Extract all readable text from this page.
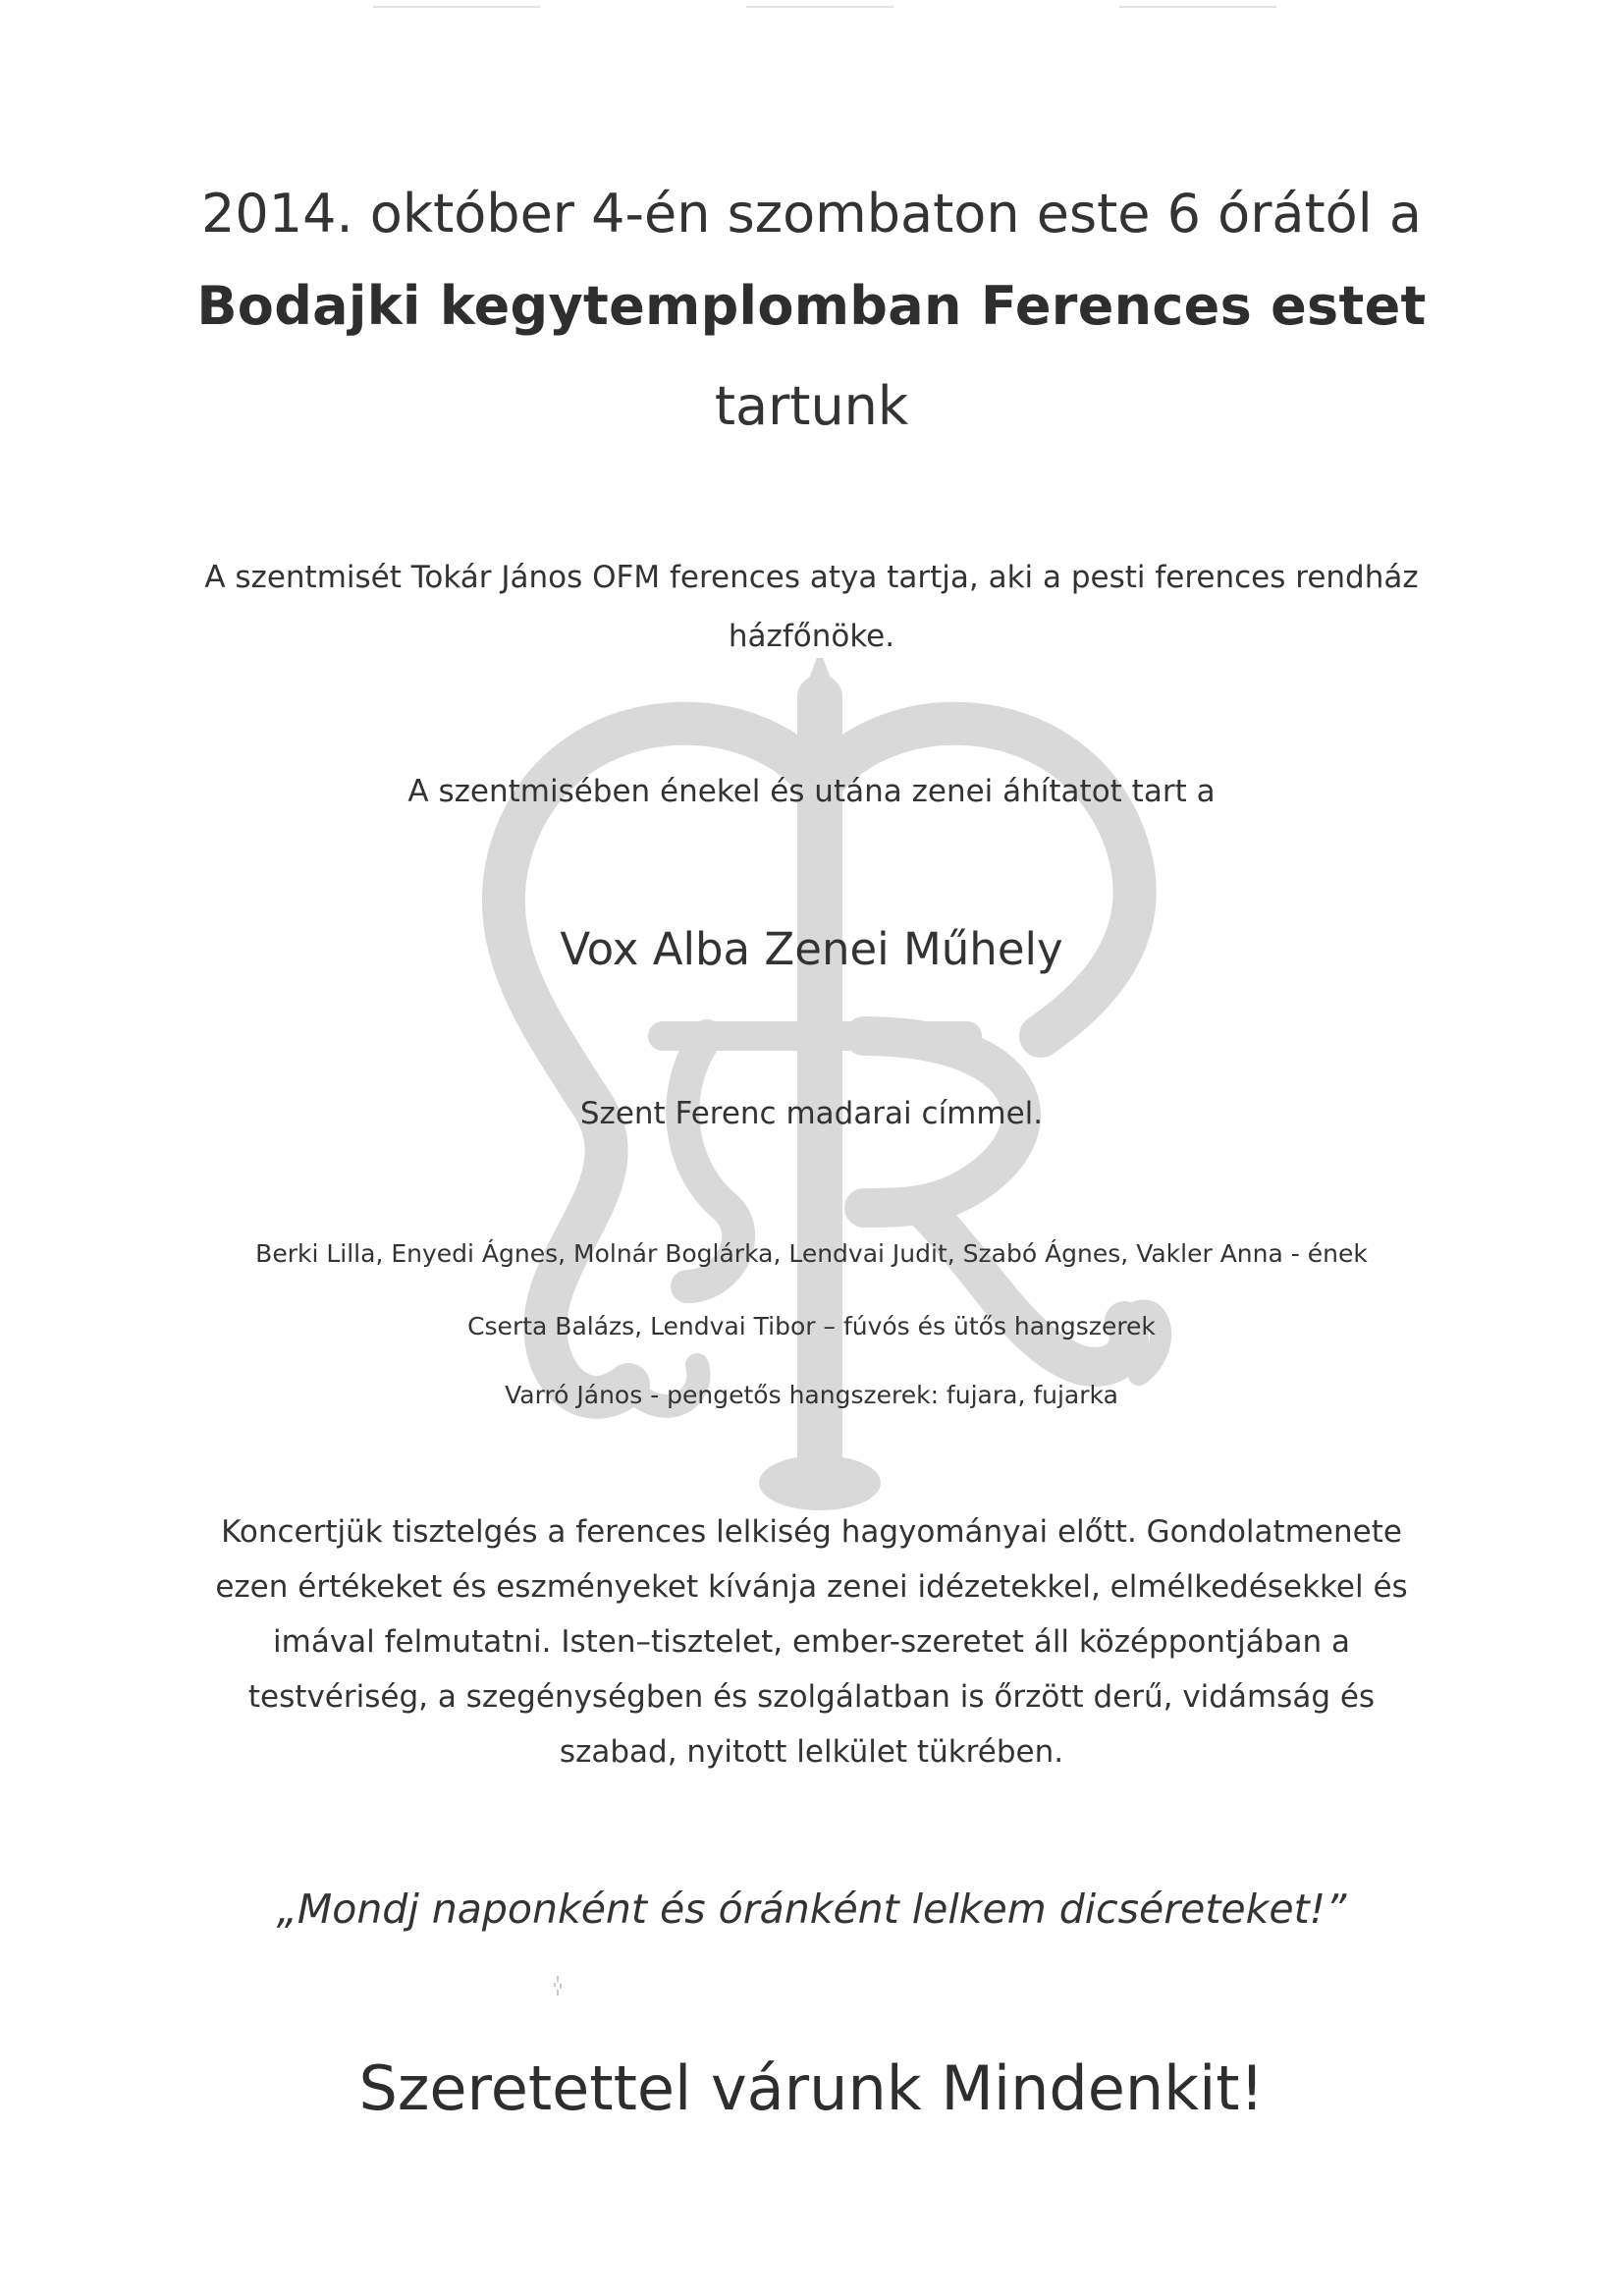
2014. október 4-én szombaton este 6 órától a
Bodajki kegytemplomban Ferences estet
tartunk
A szentmisét Tokár János OFM ferences atya tartja, aki a pesti ferences rendház
házfőnöke.
A szentmisében énekel és utána zenei áhítatot tart a
Vox Alba Zenei Műhely
Szent Ferenc madarai címmel.
Berki Lilla, Enyedi Ágnes, Molnár Boglárka, Lendvai Judit, Szabó Ágnes, Vakler Anna - ének
Cserta Balázs, Lendvai Tibor – fúvós és ütős hangszerek
Varró János - pengetős hangszerek: fujara, fujarka
Koncertjük tisztelgés a ferences lelkiség hagyományai előtt. Gondolatmenete
ezen értékeket és eszményeket kívánja zenei idézetekkel, elmélkedésekkel és
imával felmutatni. Isten–tisztelet, ember-szeretet áll középpontjában a
testvériség, a szegénységben és szolgálatban is őrzött derű, vidámság és
szabad, nyitott lelkület tükrében.
„Mondj naponként és óránként lelkem dicséreteket!”
Szeretettel várunk Mindenkit!
